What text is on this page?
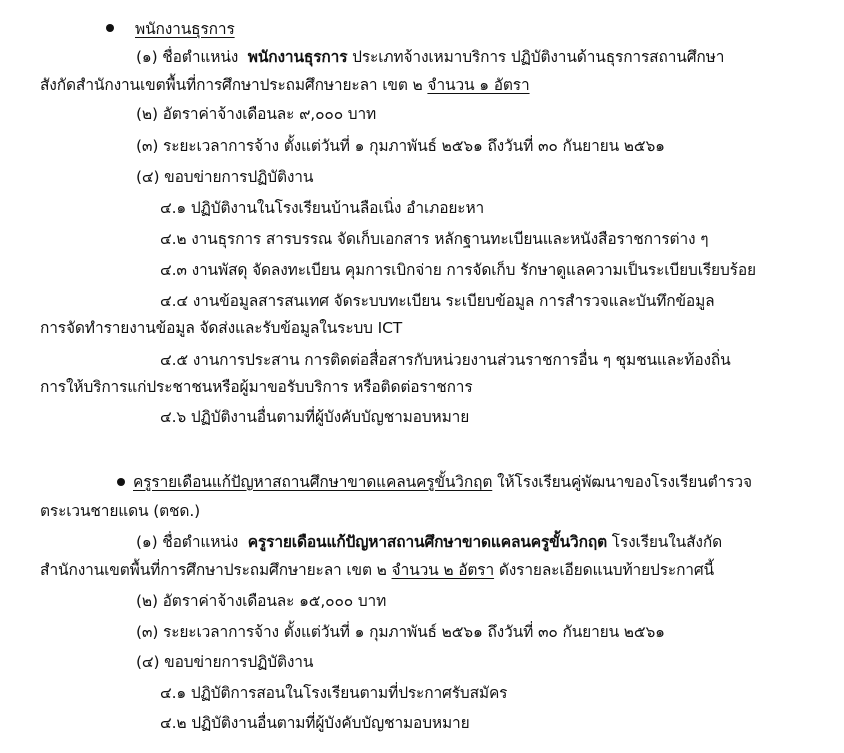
พนักงานธุรการ
(๑) ชื่อตำแหน่ง พนักงานธุรการ ประเภทจ้างเหมาบริการ ปฏิบัติงานด้านธุรการสถานศึกษา
สังกัดสำนักงานเขตพื้นที่การศึกษาประถมศึกษายะลา เขต ๒ จำนวน ๑ อัตรา
(๒) อัตราค่าจ้างเดือนละ ๙,๐๐๐ บาท
(๓) ระยะเวลาการจ้าง ตั้งแต่วันที่ ๑ กุมภาพันธ์ ๒๕๖๑ ถึงวันที่ ๓๐ กันยายน ๒๕๖๑
(๔) ขอบข่ายการปฏิบัติงาน
๔.๑ ปฏิบัติงานในโรงเรียนบ้านลือเนิ่ง อำเภอยะหา
๔.๒ งานธุรการ สารบรรณ จัดเก็บเอกสาร หลักฐานทะเบียนและหนังสือราชการต่าง ๆ
๔.๓ งานพัสดุ จัดลงทะเบียน คุมการเบิกจ่าย การจัดเก็บ รักษาดูแลความเป็นระเบียบเรียบร้อย
๔.๔ งานข้อมูลสารสนเทศ จัดระบบทะเบียน ระเบียบข้อมูล การสำรวจและบันทึกข้อมูล
การจัดทำรายงานข้อมูล จัดส่งและรับข้อมูลในระบบ ICT
๔.๕ งานการประสาน การติดต่อสื่อสารกับหน่วยงานส่วนราชการอื่น ๆ ชุมชนและท้องถิ่น
การให้บริการแก่ประชาชนหรือผู้มาขอรับบริการ หรือติดต่อราชการ
๔.๖ ปฏิบัติงานอื่นตามที่ผู้บังคับบัญชามอบหมาย
ครูรายเดือนแก้ปัญหาสถานศึกษาขาดแคลนครูขั้นวิกฤต ให้โรงเรียนคู่พัฒนาของโรงเรียนตำรวจ
ตระเวนชายแดน (ตชด.)
(๑) ชื่อตำแหน่ง ครูรายเดือนแก้ปัญหาสถานศึกษาขาดแคลนครูขั้นวิกฤต โรงเรียนในสังกัด
สำนักงานเขตพื้นที่การศึกษาประถมศึกษายะลา เขต ๒ จำนวน ๒ อัตรา ดังรายละเอียดแนบท้ายประกาศนี้
(๒) อัตราค่าจ้างเดือนละ ๑๕,๐๐๐ บาท
(๓) ระยะเวลาการจ้าง ตั้งแต่วันที่ ๑ กุมภาพันธ์ ๒๕๖๑ ถึงวันที่ ๓๐ กันยายน ๒๕๖๑
(๔) ขอบข่ายการปฏิบัติงาน
๔.๑ ปฏิบัติการสอนในโรงเรียนตามที่ประกาศรับสมัคร
๔.๒ ปฏิบัติงานอื่นตามที่ผู้บังคับบัญชามอบหมาย
